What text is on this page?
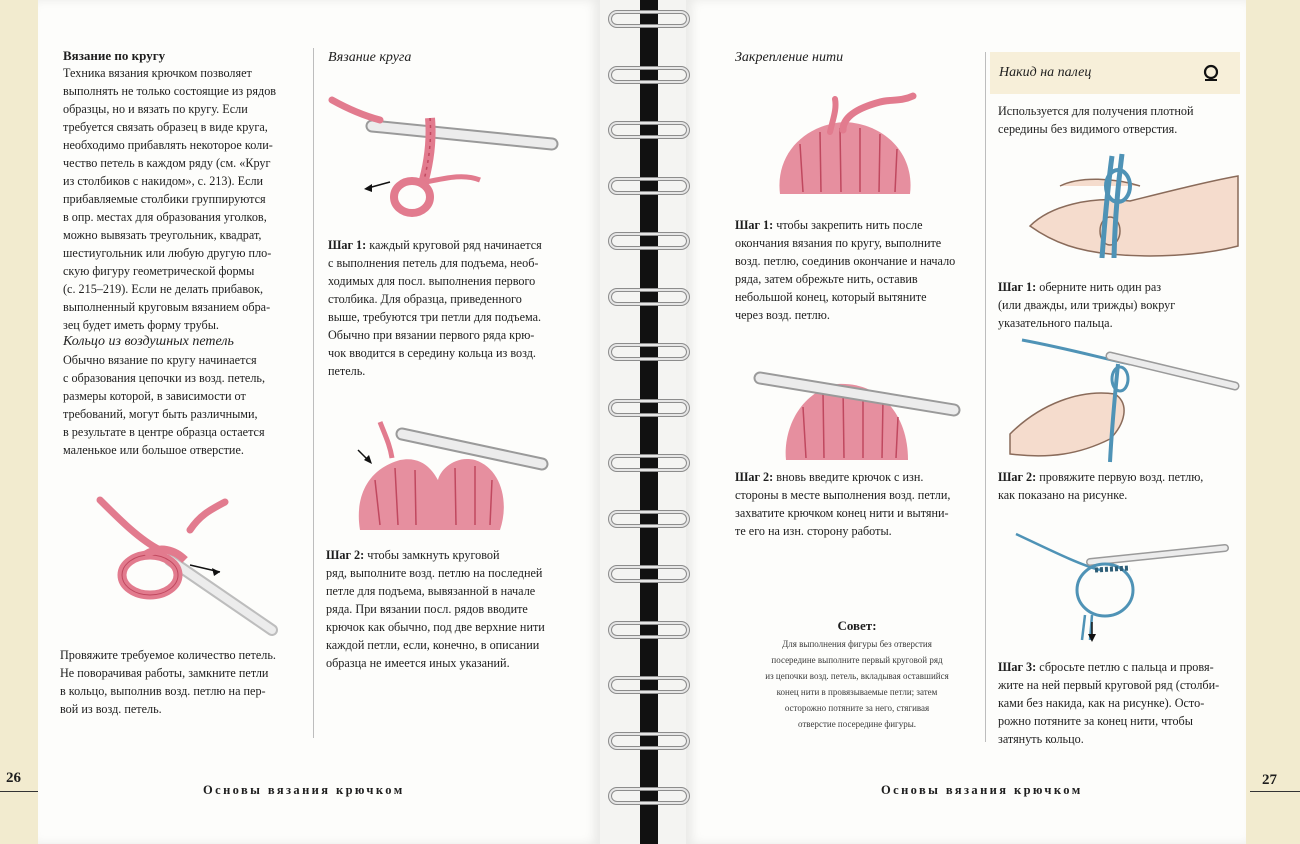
Вязание по кругу
Техника вязания крючком позволяет
выполнять не только состоящие из рядов
образцы, но и вязать по кругу. Если
требуется связать образец в виде круга,
необходимо прибавлять некоторое коли-
чество петель в каждом ряду (см. «Круг
из столбиков с накидом», с. 213). Если
прибавляемые столбики группируются
в опр. местах для образования уголков,
можно вывязать треугольник, квадрат,
шестиугольник или любую другую пло-
скую фигуру геометрической формы
(с. 215–219). Если не делать прибавок,
выполненный круговым вязанием обра-
зец будет иметь форму трубы.
Кольцо из воздушных петель
Обычно вязание по кругу начинается
с образования цепочки из возд. петель,
размеры которой, в зависимости от
требований, могут быть различными,
в результате в центре образца остается
маленькое или большое отверстие.
Провяжите требуемое количество петель.
Не поворачивая работы, замкните петли
в кольцо, выполнив возд. петлю на пер-
вой из возд. петель.
Вязание круга
Шаг 1: каждый круговой ряд начинается
с выполнения петель для подъема, необ-
ходимых для посл. выполнения первого
столбика. Для образца, приведенного
выше, требуются три петли для подъема.
Обычно при вязании первого ряда крю-
чок вводится в середину кольца из возд.
петель.
Шаг 2: чтобы замкнуть круговой
ряд, выполните возд. петлю на последней
петле для подъема, вывязанной в начале
ряда. При вязании посл. рядов вводите
крючок как обычно, под две верхние нити
каждой петли, если, конечно, в описании
образца не имеется иных указаний.
26
Основы вязания крючком
Закрепление нити
Шаг 1: чтобы закрепить нить после
окончания вязания по кругу, выполните
возд. петлю, соединив окончание и начало
ряда, затем обрежьте нить, оставив
небольшой конец, который вытяните
через возд. петлю.
Шаг 2: вновь введите крючок с изн.
стороны в месте выполнения возд. петли,
захватите крючком конец нити и вытяни-
те его на изн. сторону работы.
Совет:
Для выполнения фигуры без отверстия
посередине выполните первый круговой ряд
из цепочки возд. петель, вкладывая оставшийся
конец нити в провязываемые петли; затем
осторожно потяните за него, стягивая
отверстие посередине фигуры.
Накид на палец
Используется для получения плотной
середины без видимого отверстия.
Шаг 1: оберните нить один раз
(или дважды, или трижды) вокруг
указательного пальца.
Шаг 2: провяжите первую возд. петлю,
как показано на рисунке.
Шаг 3: сбросьте петлю с пальца и провя-
жите на ней первый круговой ряд (столби-
ками без накида, как на рисунке). Осто-
рожно потяните за конец нити, чтобы
затянуть кольцо.
Основы вязания крючком
27
